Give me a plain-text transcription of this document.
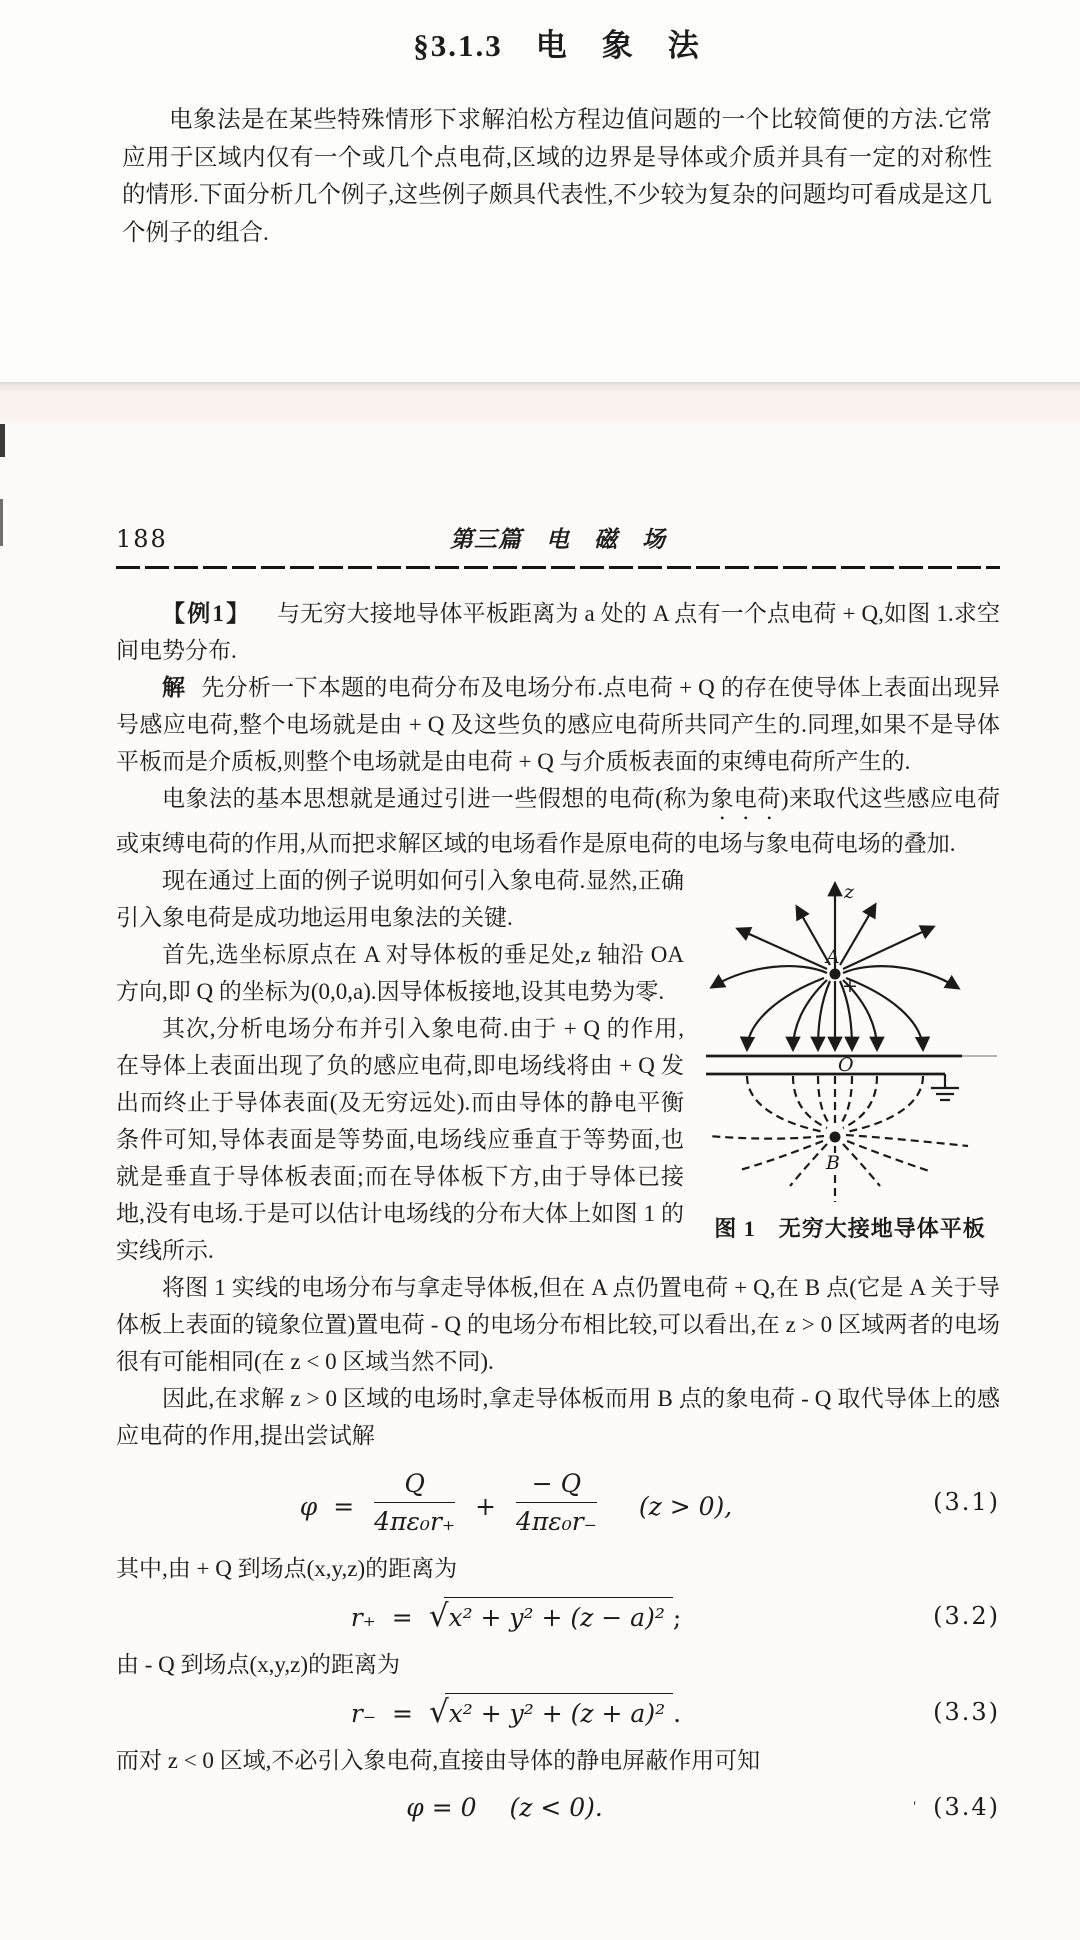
§3.1.3　电　象　法

电象法是在某些特殊情形下求解泊松方程边值问题的一个比较简便的方法.它常应用于区域内仅有一个或几个点电荷,区域的边界是导体或介质并具有一定的对称性的情形.下面分析几个例子,这些例子颇具代表性,不少较为复杂的问题均可看成是这几个例子的组合.

188	第三篇　电　磁　场

【例1】　与无穷大接地导体平板距离为 a 处的 A 点有一个点电荷 + Q,如图 1.求空间电势分布.

解 先分析一下本题的电荷分布及电场分布.点电荷 + Q 的存在使导体上表面出现异号感应电荷,整个电场就是由 + Q 及这些负的感应电荷所共同产生的.同理,如果不是导体平板而是介质板,则整个电场就是由电荷 + Q 与介质板表面的束缚电荷所产生的.

电象法的基本思想就是通过引进一些假想的电荷(称为象电荷)来取代这些感应电荷或束缚电荷的作用,从而把求解区域的电场看作是原电荷的电场与象电荷电场的叠加.

z
A
+
O
B
图 1　无穷大接地导体平板

现在通过上面的例子说明如何引入象电荷.显然,正确引入象电荷是成功地运用电象法的关键.

首先,选坐标原点在 A 对导体板的垂足处,z 轴沿 OA 方向,即 Q 的坐标为(0,0,a).因导体板接地,设其电势为零.

其次,分析电场分布并引入象电荷.由于 + Q 的作用,在导体上表面出现了负的感应电荷,即电场线将由 + Q 发出而终止于导体表面(及无穷远处).而由导体的静电平衡条件可知,导体表面是等势面,电场线应垂直于等势面,也就是垂直于导体板表面;而在导体板下方,由于导体已接地,没有电场.于是可以估计电场线的分布大体上如图 1 的实线所示.

将图 1 实线的电场分布与拿走导体板,但在 A 点仍置电荷 + Q,在 B 点(它是 A 关于导体板上表面的镜象位置)置电荷 - Q 的电场分布相比较,可以看出,在 z > 0 区域两者的电场很有可能相同(在 z < 0 区域当然不同).

因此,在求解 z > 0 区域的电场时,拿走导体板而用 B 点的象电荷 - Q 取代导体上的感应电荷的作用,提出尝试解

$\varphi = \frac{Q}{\text{4πε₀r₊}} + \frac{- Q}{\text{4πε₀r₋}} (z > 0)$,	(3.1)

其中,由 + Q 到场点(x,y,z)的距离为

r₊ = √x² + y² + (z − a)² ;	(3.2)

由 - Q 到场点(x,y,z)的距离为

r₋ = √x² + y² + (z + a)² .	(3.3)

而对 z < 0 区域,不必引入象电荷,直接由导体的静电屏蔽作用可知

φ = 0　 (z < 0).	' (3.4)
